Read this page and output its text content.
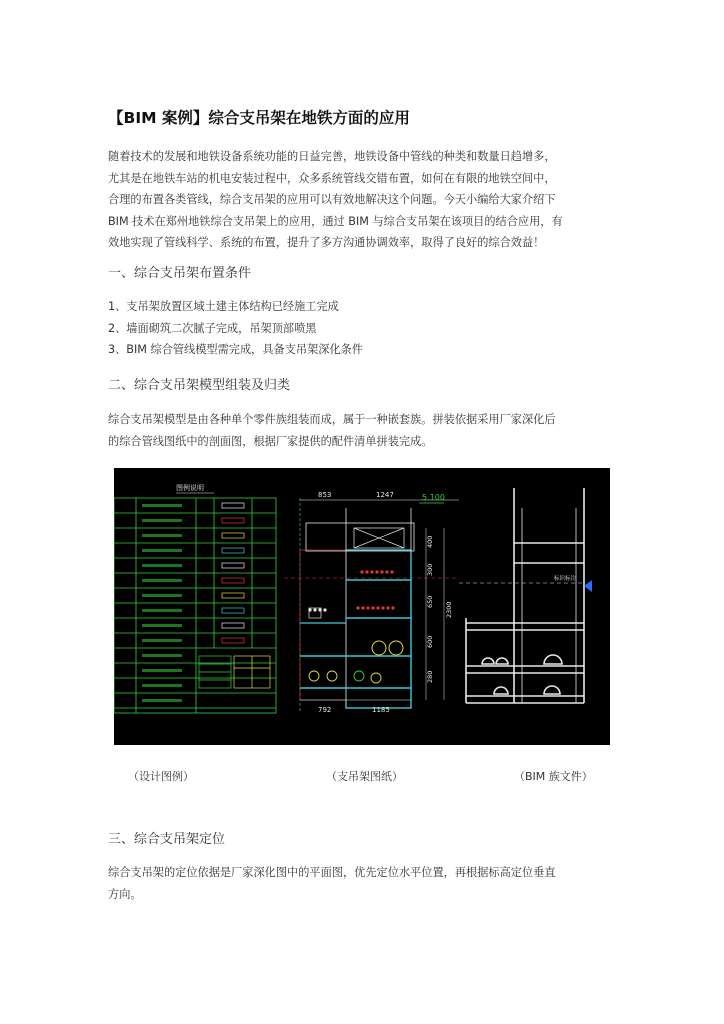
【BIM 案例】综合支吊架在地铁方面的应用
随着技术的发展和地铁设备系统功能的日益完善，地铁设备中管线的种类和数量日趋增多，
尤其是在地铁车站的机电安装过程中，众多系统管线交错布置，如何在有限的地铁空间中，
合理的布置各类管线，综合支吊架的应用可以有效地解决这个问题。今天小编给大家介绍下
BIM 技术在郑州地铁综合支吊架上的应用，通过 BIM 与综合支吊架在该项目的结合应用，有
效地实现了管线科学、系统的布置，提升了多方沟通协调效率，取得了良好的综合效益！
一、综合支吊架布置条件
1、支吊架放置区域土建主体结构已经施工完成
2、墙面砌筑二次腻子完成，吊架顶部喷黑
3、BIM 综合管线模型需完成，具备支吊架深化条件
二、综合支吊架模型组装及归类
综合支吊架模型是由各种单个零件族组装而成，属于一种嵌套族。拼装依据采用厂家深化后
的综合管线图纸中的剖面图，根据厂家提供的配件清单拼装完成。
图例说明
853	1247	5.100
792	1185
400
300
650
600
280
2300
标识标注
（设计图例）	（支吊架图纸）	（BIM 族文件）
三、综合支吊架定位
综合支吊架的定位依据是厂家深化图中的平面图，优先定位水平位置，再根据标高定位垂直
方向。
